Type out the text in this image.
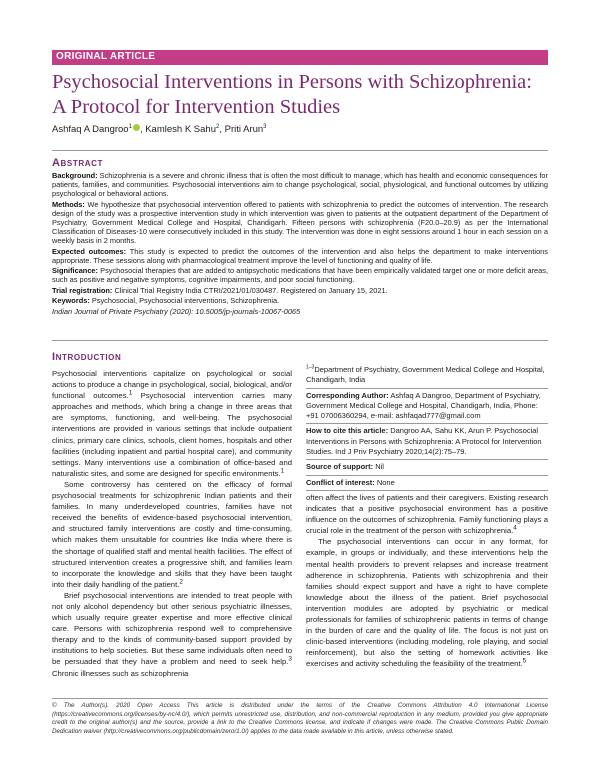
ORIGINAL ARTICLE
Psychosocial Interventions in Persons with Schizophrenia:
A Protocol for Intervention Studies
Ashfaq A Dangroo$^1$ , Kamlesh K Sahu$^2$, Priti Arun$^3$
Abstract

Background: Schizophrenia is a severe and chronic illness that is often the most difficult to manage, which has health and economic consequences for patients, families, and communities. Psychosocial interventions aim to change psychological, social, physiological, and functional outcomes by utilizing psychological or behavioral actions.

Methods: We hypothesize that psychosocial intervention offered to patients with schizophrenia to predict the outcomes of intervention. The research design of the study was a prospective intervention study in which intervention was given to patients at the outpatient department of the Department of Psychiatry, Government Medical College and Hospital, Chandigarh. Fifteen persons with schizophrenia (F20.0–20.9) as per the International Classification of Diseases-10 were consecutively included in this study. The intervention was done in eight sessions around 1 hour in each session on a weekly basis in 2 months.

Expected outcomes: This study is expected to predict the outcomes of the intervention and also helps the department to make interventions appropriate. These sessions along with pharmacological treatment improve the level of functioning and quality of life.

Significance: Psychosocial therapies that are added to antipsychotic medications that have been empirically validated target one or more deficit areas, such as positive and negative symptoms, cognitive impairments, and poor social functioning.

Trial registration: Clinical Trial Registry India CTRI/2021/01/030487. Registered on January 15, 2021.

Keywords: Psychosocial, Psychosocial interventions, Schizophrenia.

Indian Journal of Private Psychiatry (2020): 10.5005/jp-journals-10067-0065

Introduction

Psychosocial interventions capitalize on psychological or social actions to produce a change in psychological, social, biological, and/or functional outcomes.$^1$ Psychosocial intervention carries many approaches and methods, which bring a change in three areas that are symptoms, functioning, and well-being. The psychosocial interventions are provided in various settings that include outpatient clinics, primary care clinics, schools, client homes, hospitals and other facilities (including inpatient and partial hospital care), and community settings. Many interventions use a combination of office-based and naturalistic sites, and some are designed for specific environments.$^1$

Some controversy has centered on the efficacy of formal psychosocial treatments for schizophrenic Indian patients and their families. In many underdeveloped countries, families have not received the benefits of evidence-based psychosocial intervention, and structured family interventions are costly and time-consuming, which makes them unsuitable for countries like India where there is the shortage of qualified staff and mental health facilities. The effect of structured intervention creates a progressive shift, and families learn to incorporate the knowledge and skills that they have been taught into their daily handling of the patient.$^2$

Brief psychosocial interventions are intended to treat people with not only alcohol dependency but other serious psychiatric illnesses, which usually require greater expertise and more effective clinical care. Persons with schizophrenia respond well to comprehensive therapy and to the kinds of community-based support provided by institutions to help societies. But these same individuals often need to be persuaded that they have a problem and need to seek help.$^3$ Chronic illnesses such as schizophrenia

$^{1-3}$Department of Psychiatry, Government Medical College and Hospital, Chandigarh, India

Corresponding Author: Ashfaq A Dangroo, Department of Psychiatry, Government Medical College and Hospital, Chandigarh, India, Phone: +91 07006360294, e-mail: ashfaqad777@gmail.com

How to cite this article: Dangroo AA, Sahu KK, Arun P. Psychosocial Interventions in Persons with Schizophrenia: A Protocol for Intervention Studies. Ind J Priv Psychiatry 2020;14(2):75–79.

Source of support: Nil

Conflict of interest: None

often affect the lives of patients and their caregivers. Existing research indicates that a positive psychosocial environment has a positive influence on the outcomes of schizophrenia. Family functioning plays a crucial role in the treatment of the person with schizophrenia.$^4$

The psychosocial interventions can occur in any format, for example, in groups or individually, and these interventions help the mental health providers to prevent relapses and increase treatment adherence in schizophrenia. Patients with schizophrenia and their families should expect support and have a right to have complete knowledge about the illness of the patient. Brief psychosocial intervention modules are adopted by psychiatric or medical professionals for families of schizophrenic patients in terms of change in the burden of care and the quality of life. The focus is not just on clinic-based interventions (including modeling, role playing, and social reinforcement), but also the setting of homework activities like exercises and activity scheduling the feasibility of the treatment.$^5$

© The Author(s). 2020 Open Access This article is distributed under the terms of the Creative Commons Attribution 4.0 International License (https://creativecommons.org/licenses/by-nc/4.0/), which permits unrestricted use, distribution, and non-commercial reproduction in any medium, provided you give appropriate credit to the original author(s) and the source, provide a link to the Creative Commons license, and indicate if changes were made. The Creative Commons Public Domain Dedication waiver (http://creativecommons.org/publicdomain/zero/1.0/) applies to the data made available in this article, unless otherwise stated.
